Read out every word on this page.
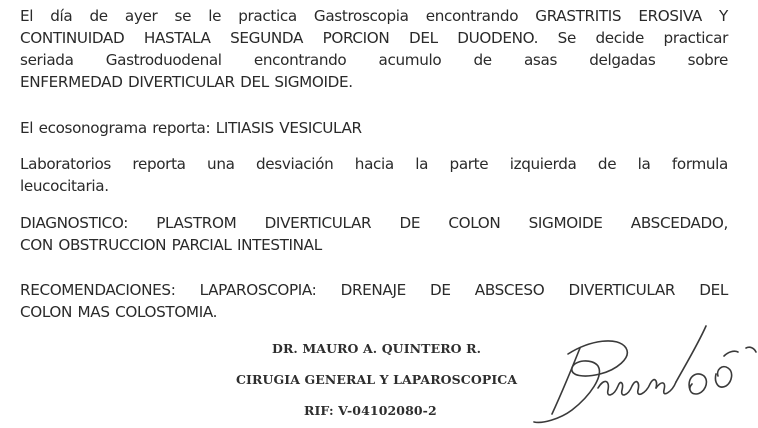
El día de ayer se le practica Gastroscopia encontrando GRASTRITIS EROSIVA Y
CONTINUIDAD HASTALA SEGUNDA PORCION DEL DUODENO. Se decide practicar
seriada Gastroduodenal encontrando acumulo de asas delgadas sobre
ENFERMEDAD DIVERTICULAR DEL SIGMOIDE.

El ecosonograma reporta: LITIASIS VESICULAR

Laboratorios reporta una desviación hacia la parte izquierda de la formula
leucocitaria.

DIAGNOSTICO: PLASTROM DIVERTICULAR DE COLON SIGMOIDE ABSCEDADO,
CON OBSTRUCCION PARCIAL INTESTINAL

RECOMENDACIONES: LAPAROSCOPIA: DRENAJE DE ABSCESO DIVERTICULAR DEL
COLON MAS COLOSTOMIA.

DR. MAURO A. QUINTERO R.
CIRUGIA GENERAL Y LAPAROSCOPICA
RIF: V-04102080-2
